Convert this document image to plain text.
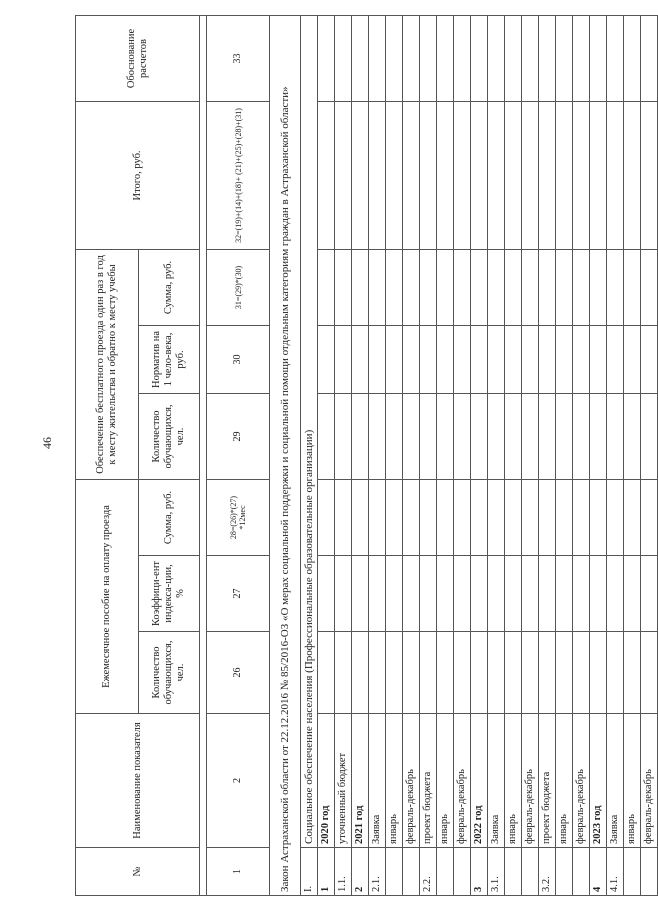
46
№	Наименование показателя	Ежемесячное пособие на оплату проезда			Обеспечение бесплатного проезда один раз в год к месту жительства и обратно к месту учебы			Итого, руб.	Обоснование расчетов
		Количество обучающихся, чел.	Коэффици-ент индекса-ции, %	Сумма, руб.	Количество обучающихся, чел.	Норматив на 1 чело-века, руб.	Сумма, руб.		

1	2	26	27	28=(26)*(27) *12мес	29	30	31=(29)*(30)	32=(19)+(14)+(18)+ (21)+(25)+(28)+(31)	33
Закон Астраханской области от 22.12.2016 № 85/2016-ОЗ «О мерах социальной поддержки и социальной помощи отдельным категориям граждан в Астраханской области»									
I.	Социальное обеспечение населения (Профессиональные образовательные организации)								
1	2020 год								
1.1.	уточненный бюджет								
2	2021 год								
2.1.	Заявка								
	январь								
	февраль-декабрь								
2.2.	проект бюджета								
	январь								
	февраль-декабрь								
3	2022 год								
3.1.	Заявка								
	январь								
	февраль-декабрь								
3.2.	проект бюджета								
	январь								
	февраль-декабрь								
4	2023 год								
4.1.	Заявка								
	январь								
	февраль-декабрь								
